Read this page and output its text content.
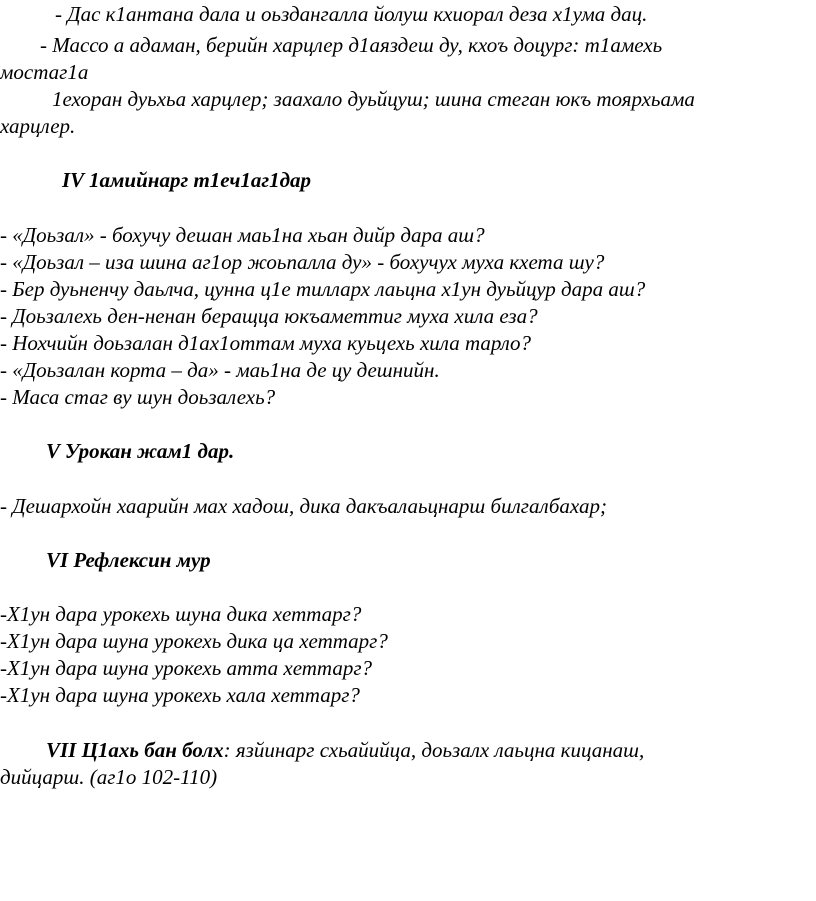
- Дас к1антана дала и оьздангалла йолуш кхиорал деза х1ума дац.
- Массо а адаман, берийн харцлер д1аяздеш ду, кхоъ доцург: т1амехь
мостаг1а
1ехоран дуьхьа харцлер; заахало дуьйцуш; шина стеган юкъ тоярхьама
харцлер.
IV 1амийнарг т1еч1аг1дар
- «Доьзал» - бохучу дешан маь1на хьан дийр дара аш?
- «Доьзал – иза шина аг1ор жоьпалла ду» - бохучух муха кхета шу?
- Бер дуьненчу даьлча, цунна ц1е тилларх лаьцна х1ун дуьйцур дара аш?
- Доьзалехь ден-ненан беращца юкъаметтиг муха хила еза?
- Нохчийн доьзалан д1ах1оттам муха куьцехь хила тарло?
- «Доьзалан корта – да» - маь1на де цу дешнийн.
- Маса стаг ву шун доьзалехь?
V Урокан жам1 дар.
- Дешархойн хаарийн мах хадош, дика дакъалаьцнарш билгалбахар;
VI Рефлексин мур
-Х1ун дара урокехь шуна дика хеттарг?
-Х1ун дара шуна урокехь дика ца хеттарг?
-Х1ун дара шуна урокехь атта хеттарг?
-Х1ун дара шуна урокехь хала хеттарг?
VII Ц1ахь бан болх: язйинарг схьайийца, доьзалх лаьцна кицанаш,
дийцарш. (аг1о 102-110)
